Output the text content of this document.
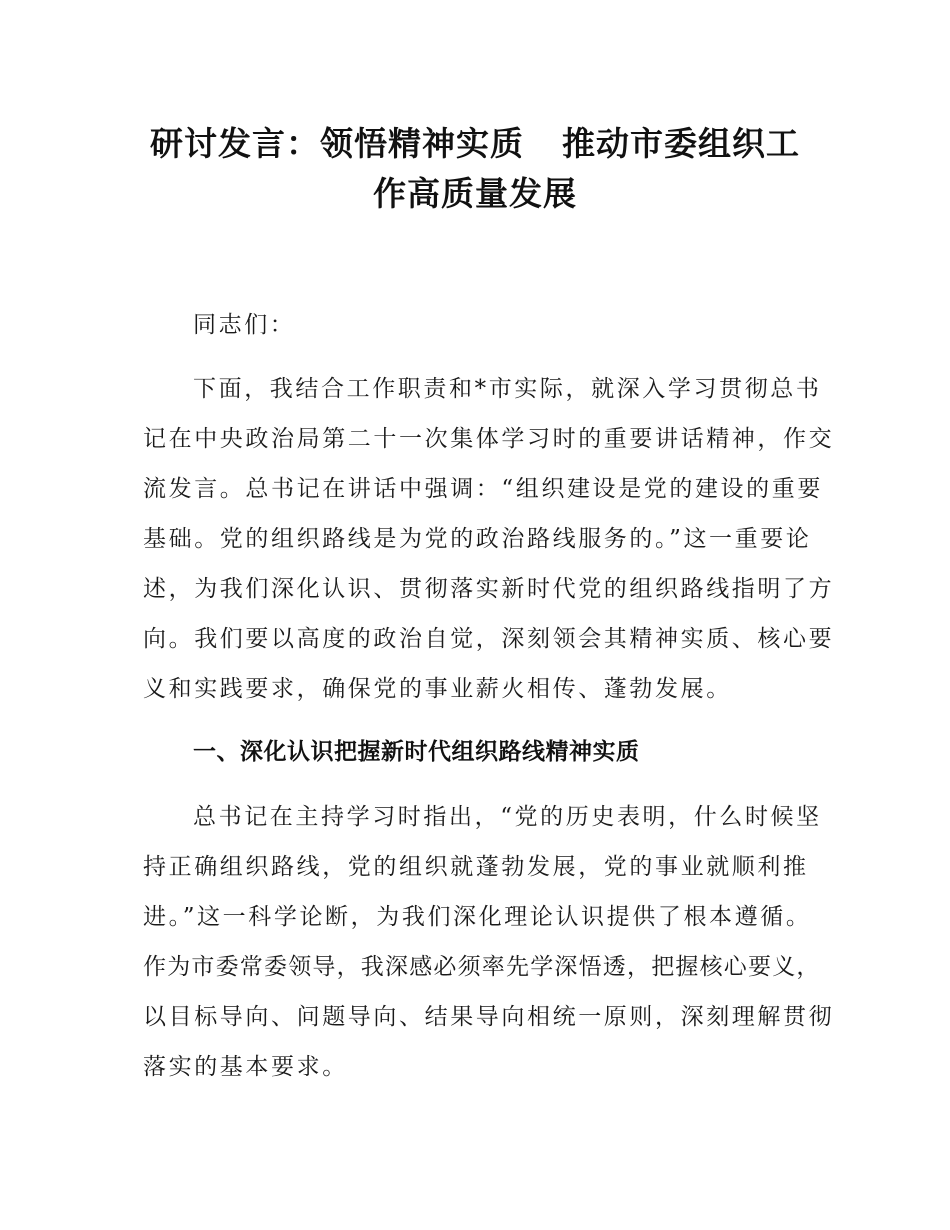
研讨发言：领悟精神实质 推动市委组织工
作高质量发展
同志们：
下面，我结合工作职责和*市实际，就深入学习贯彻总书
记在中央政治局第二十一次集体学习时的重要讲话精神，作交
流发言。总书记在讲话中强调：“组织建设是党的建设的重要
基础。党的组织路线是为党的政治路线服务的。”这一重要论
述，为我们深化认识、贯彻落实新时代党的组织路线指明了方
向。我们要以高度的政治自觉，深刻领会其精神实质、核心要
义和实践要求，确保党的事业薪火相传、蓬勃发展。
一、深化认识把握新时代组织路线精神实质
总书记在主持学习时指出，“党的历史表明，什么时候坚
持正确组织路线，党的组织就蓬勃发展，党的事业就顺利推
进。”这一科学论断，为我们深化理论认识提供了根本遵循。
作为市委常委领导，我深感必须率先学深悟透，把握核心要义，
以目标导向、问题导向、结果导向相统一原则，深刻理解贯彻
落实的基本要求。
